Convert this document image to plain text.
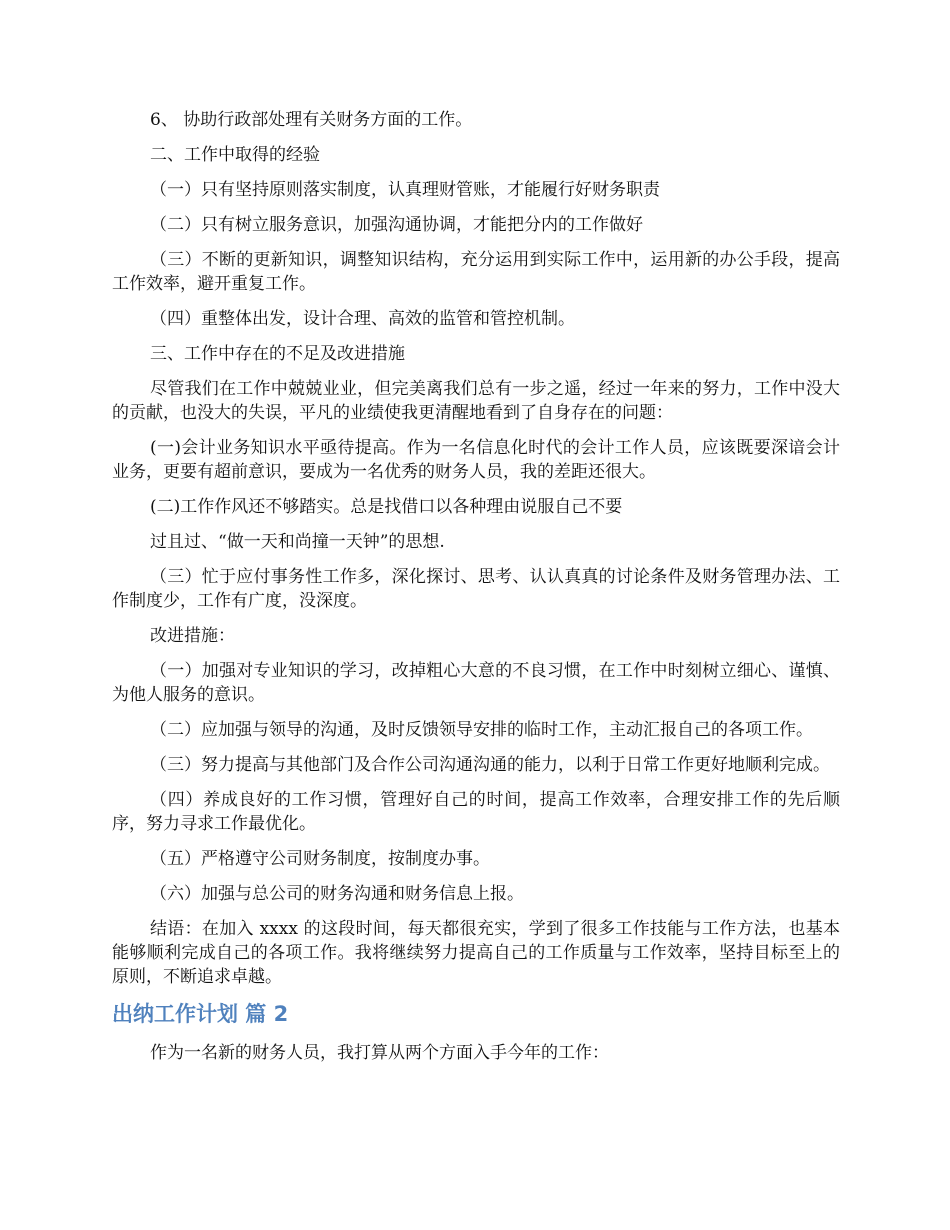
6、 协助行政部处理有关财务方面的工作。

二、工作中取得的经验

（一）只有坚持原则落实制度，认真理财管账，才能履行好财务职责

（二）只有树立服务意识，加强沟通协调，才能把分内的工作做好

（三）不断的更新知识，调整知识结构，充分运用到实际工作中，运用新的办公手段，提高工作效率，避开重复工作。

（四）重整体出发，设计合理、高效的监管和管控机制。

三、工作中存在的不足及改进措施

尽管我们在工作中兢兢业业，但完美离我们总有一步之遥，经过一年来的努力，工作中没大的贡献，也没大的失误，平凡的业绩使我更清醒地看到了自身存在的问题：

(一)会计业务知识水平亟待提高。作为一名信息化时代的会计工作人员，应该既要深谙会计业务，更要有超前意识，要成为一名优秀的财务人员，我的差距还很大。

(二)工作作风还不够踏实。总是找借口以各种理由说服自己不要

过且过、“做一天和尚撞一天钟”的思想.

（三）忙于应付事务性工作多，深化探讨、思考、认认真真的讨论条件及财务管理办法、工作制度少，工作有广度，没深度。

改进措施：

（一）加强对专业知识的学习，改掉粗心大意的不良习惯，在工作中时刻树立细心、谨慎、为他人服务的意识。

（二）应加强与领导的沟通，及时反馈领导安排的临时工作，主动汇报自己的各项工作。

（三）努力提高与其他部门及合作公司沟通沟通的能力，以利于日常工作更好地顺利完成。

（四）养成良好的工作习惯，管理好自己的时间，提高工作效率，合理安排工作的先后顺序，努力寻求工作最优化。

（五）严格遵守公司财务制度，按制度办事。

（六）加强与总公司的财务沟通和财务信息上报。

结语：在加入 xxxx 的这段时间，每天都很充实，学到了很多工作技能与工作方法，也基本能够顺利完成自己的各项工作。我将继续努力提高自己的工作质量与工作效率，坚持目标至上的原则，不断追求卓越。

出纳工作计划 篇 2

作为一名新的财务人员，我打算从两个方面入手今年的工作：
